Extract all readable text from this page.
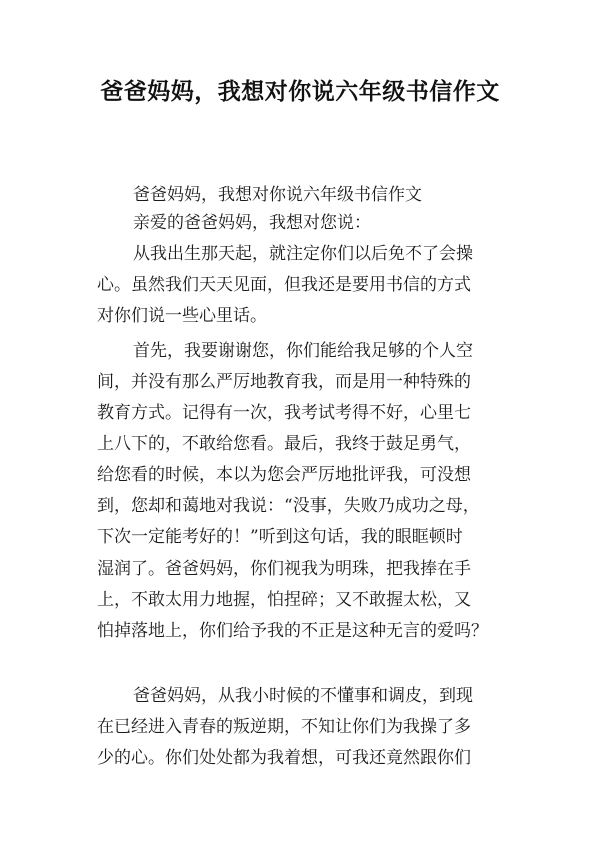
爸爸妈妈，我想对你说六年级书信作文

爸爸妈妈，我想对你说六年级书信作文

亲爱的爸爸妈妈，我想对您说：

从我出生那天起，就注定你们以后免不了会操

心。虽然我们天天见面，但我还是要用书信的方式

对你们说一些心里话。

首先，我要谢谢您，你们能给我足够的个人空

间，并没有那么严厉地教育我，而是用一种特殊的

教育方式。记得有一次，我考试考得不好，心里七

上八下的，不敢给您看。最后，我终于鼓足勇气，

给您看的时候，本以为您会严厉地批评我，可没想

到，您却和蔼地对我说：“没事，失败乃成功之母，

下次一定能考好的！”听到这句话，我的眼眶顿时

湿润了。爸爸妈妈，你们视我为明珠，把我捧在手

上，不敢太用力地握，怕捏碎；又不敢握太松，又

怕掉落地上，你们给予我的不正是这种无言的爱吗？

爸爸妈妈，从我小时候的不懂事和调皮，到现

在已经进入青春的叛逆期，不知让你们为我操了多

少的心。你们处处都为我着想，可我还竟然跟你们
